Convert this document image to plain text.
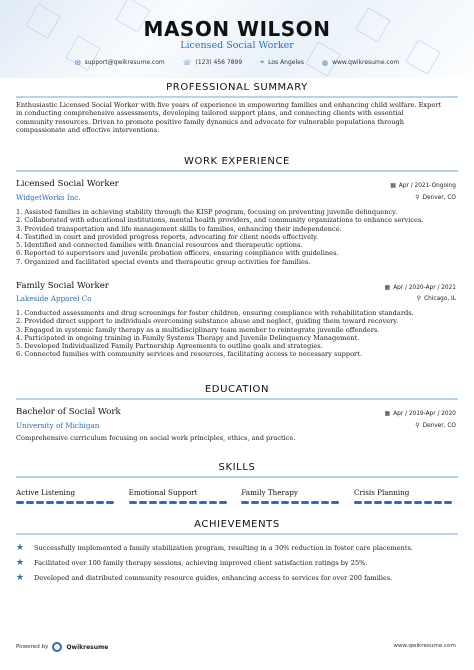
MASON WILSON
Licensed Social Worker
✉ support@qwikresume.com	☏ (123) 456 7899	⌖ Los Angeles	◍ www.qwikresume.com
PROFESSIONAL SUMMARY
Enthusiastic Licensed Social Worker with five years of experience in empowering families and enhancing child welfare. Expert
in conducting comprehensive assessments, developing tailored support plans, and connecting clients with essential
community resources. Driven to promote positive family dynamics and advocate for vulnerable populations through
compassionate and effective interventions.
WORK EXPERIENCE
Licensed Social Worker	▦ Apr / 2021-Ongoing
WidgetWorks Inc.	⚲ Denver, CO
1. Assisted families in achieving stability through the KISP program, focusing on preventing juvenile delinquency.
2. Collaborated with educational institutions, mental health providers, and community organizations to enhance services.
3. Provided transportation and life management skills to families, enhancing their independence.
4. Testified in court and provided progress reports, advocating for client needs effectively.
5. Identified and connected families with financial resources and therapeutic options.
6. Reported to supervisors and juvenile probation officers, ensuring compliance with guidelines.
7. Organized and facilitated special events and therapeutic group activities for families.
Family Social Worker	▦ Apr / 2020-Apr / 2021
Lakeside Apparel Co	⚲ Chicago, IL
1. Conducted assessments and drug screenings for foster children, ensuring compliance with rehabilitation standards.
2. Provided direct support to individuals overcoming substance abuse and neglect, guiding them toward recovery.
3. Engaged in systemic family therapy as a multidisciplinary team member to reintegrate juvenile offenders.
4. Participated in ongoing training in Family Systems Therapy and Juvenile Delinquency Management.
5. Developed Individualized Family Partnership Agreements to outline goals and strategies.
6. Connected families with community services and resources, facilitating access to necessary support.
EDUCATION
Bachelor of Social Work	▦ Apr / 2019-Apr / 2020
University of Michigan	⚲ Denver, CO
Comprehensive curriculum focusing on social work principles, ethics, and practice.
SKILLS
Active Listening	Emotional Support	Family Therapy	Crisis Planning
ACHIEVEMENTS
★	Successfully implemented a family stabilization program, resulting in a 30% reduction in foster care placements.
★	Facilitated over 100 family therapy sessions, achieving improved client satisfaction ratings by 25%.
★	Developed and distributed community resource guides, enhancing access to services for over 200 families.
Powered by	Qwikresume	www.qwikresume.com
